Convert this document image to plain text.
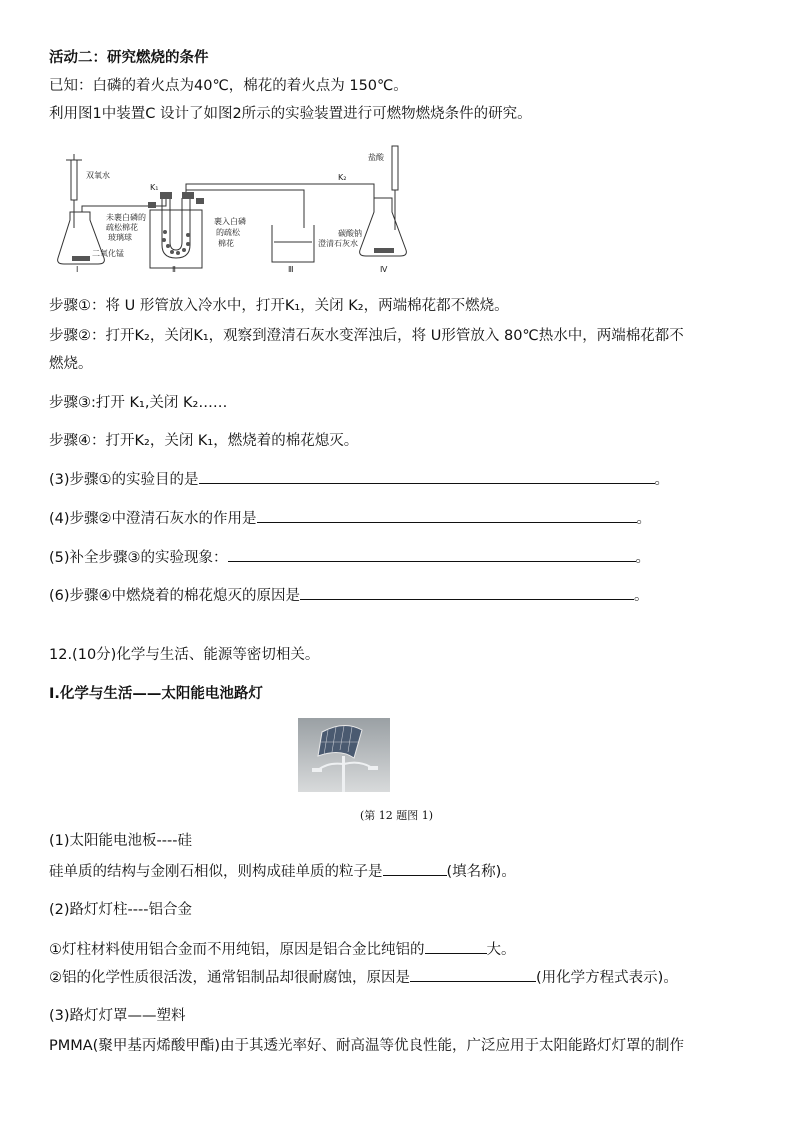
活动二：研究燃烧的条件
已知：白磷的着火点为40℃，棉花的着火点为 150℃。
利用图1中装置C 设计了如图2所示的实验装置进行可燃物燃烧条件的研究。
双氧水
K₁
K₂
盐酸
未裹白磷的
疏松棉花
玻璃球
裹入白磷
的疏松
棉花	澄清石灰水
碳酸钠
二氧化锰
Ⅰ	Ⅱ	Ⅲ	Ⅳ
步骤①：将 U 形管放入冷水中，打开K₁，关闭 K₂，两端棉花都不燃烧。
步骤②：打开K₂，关闭K₁，观察到澄清石灰水变浑浊后，将 U形管放入 80℃热水中，两端棉花都不
燃烧。
步骤③:打开 K₁,关闭 K₂……
步骤④：打开K₂，关闭 K₁，燃烧着的棉花熄灭。
(3)步骤①的实验目的是	。
(4)步骤②中澄清石灰水的作用是	。
(5)补全步骤③的实验现象：	。
(6)步骤④中燃烧着的棉花熄灭的原因是	。
12.(10分)化学与生活、能源等密切相关。
Ⅰ.化学与生活——太阳能电池路灯
(第 12 题图 1)
(1)太阳能电池板----硅
硅单质的结构与金刚石相似，则构成硅单质的粒子是	(填名称)。
(2)路灯灯柱----铝合金
①灯柱材料使用铝合金而不用纯铝，原因是铝合金比纯铝的	大。
②铝的化学性质很活泼，通常铝制品却很耐腐蚀，原因是	(用化学方程式表示)。
(3)路灯灯罩——塑料
PMMA(聚甲基丙烯酸甲酯)由于其透光率好、耐高温等优良性能，广泛应用于太阳能路灯灯罩的制作
